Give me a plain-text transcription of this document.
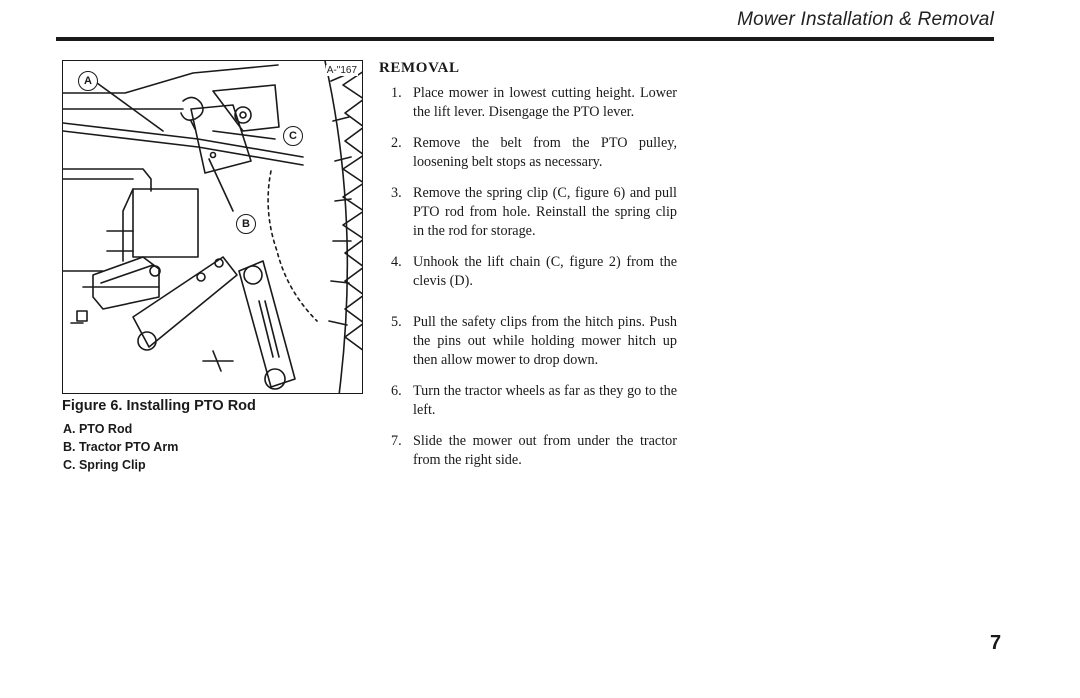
Mower Installation & Removal
A-"167
A
C
B
Figure 6. Installing PTO Rod
A. PTO Rod
B. Tractor PTO Arm
C. Spring Clip
REMOVAL
1. Place mower in lowest cutting height. Lower the lift lever. Disengage the PTO lever.
2. Remove the belt from the PTO pulley, loosening belt stops as necessary.
3. Remove the spring clip (C, figure 6) and pull PTO rod from hole. Reinstall the spring clip in the rod for storage.
4. Unhook the lift chain (C, figure 2) from the clevis (D).
5. Pull the safety clips from the hitch pins. Push the pins out while holding mower hitch up then allow mower to drop down.
6. Turn the tractor wheels as far as they go to the left.
7. Slide the mower out from under the tractor from the right side.
7
